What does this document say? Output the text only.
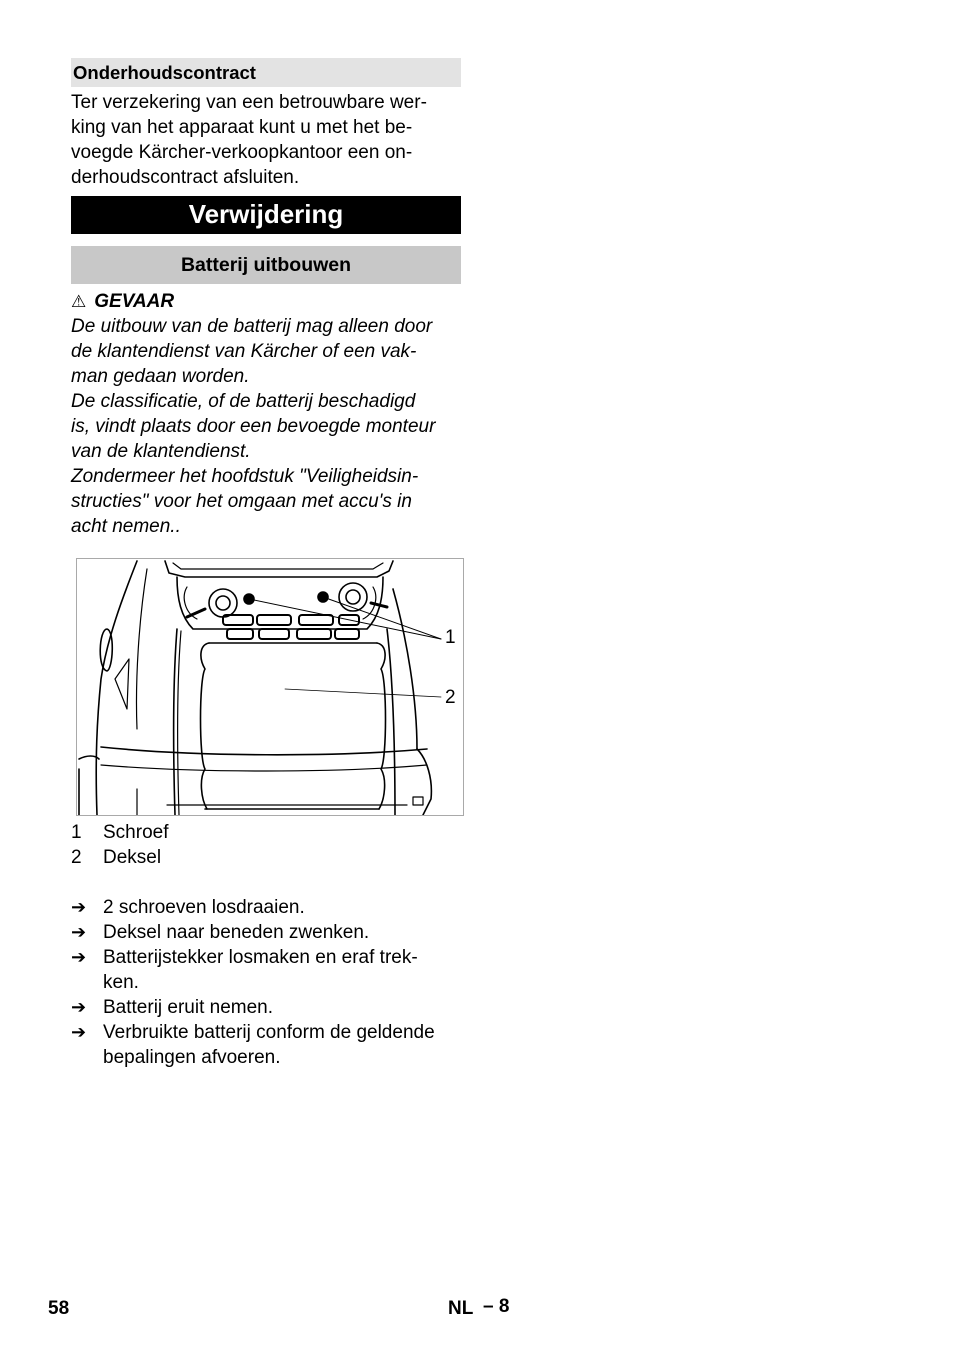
Onderhoudscontract
Ter verzekering van een betrouwbare wer-
king van het apparaat kunt u met het be-
voegde Kärcher-verkoopkantoor een on-
derhoudscontract afsluiten.
Verwijdering
Batterij uitbouwen
⚠ GEVAAR
De uitbouw van de batterij mag alleen door
de klantendienst van Kärcher of een vak-
man gedaan worden.
De classificatie, of de batterij beschadigd
is, vindt plaats door een bevoegde monteur
van de klantendienst.
Zondermeer het hoofdstuk "Veiligheidsin-
structies" voor het omgaan met accu's in
acht nemen..
1
2
1	Schroef
2	Deksel
➔ 2 schroeven losdraaien.
➔ Deksel naar beneden zwenken.
➔ Batterijstekker losmaken en eraf trek-
ken.
➔ Batterij eruit nemen.
➔ Verbruikte batterij conform de geldende
bepalingen afvoeren.
58	NL – 8
